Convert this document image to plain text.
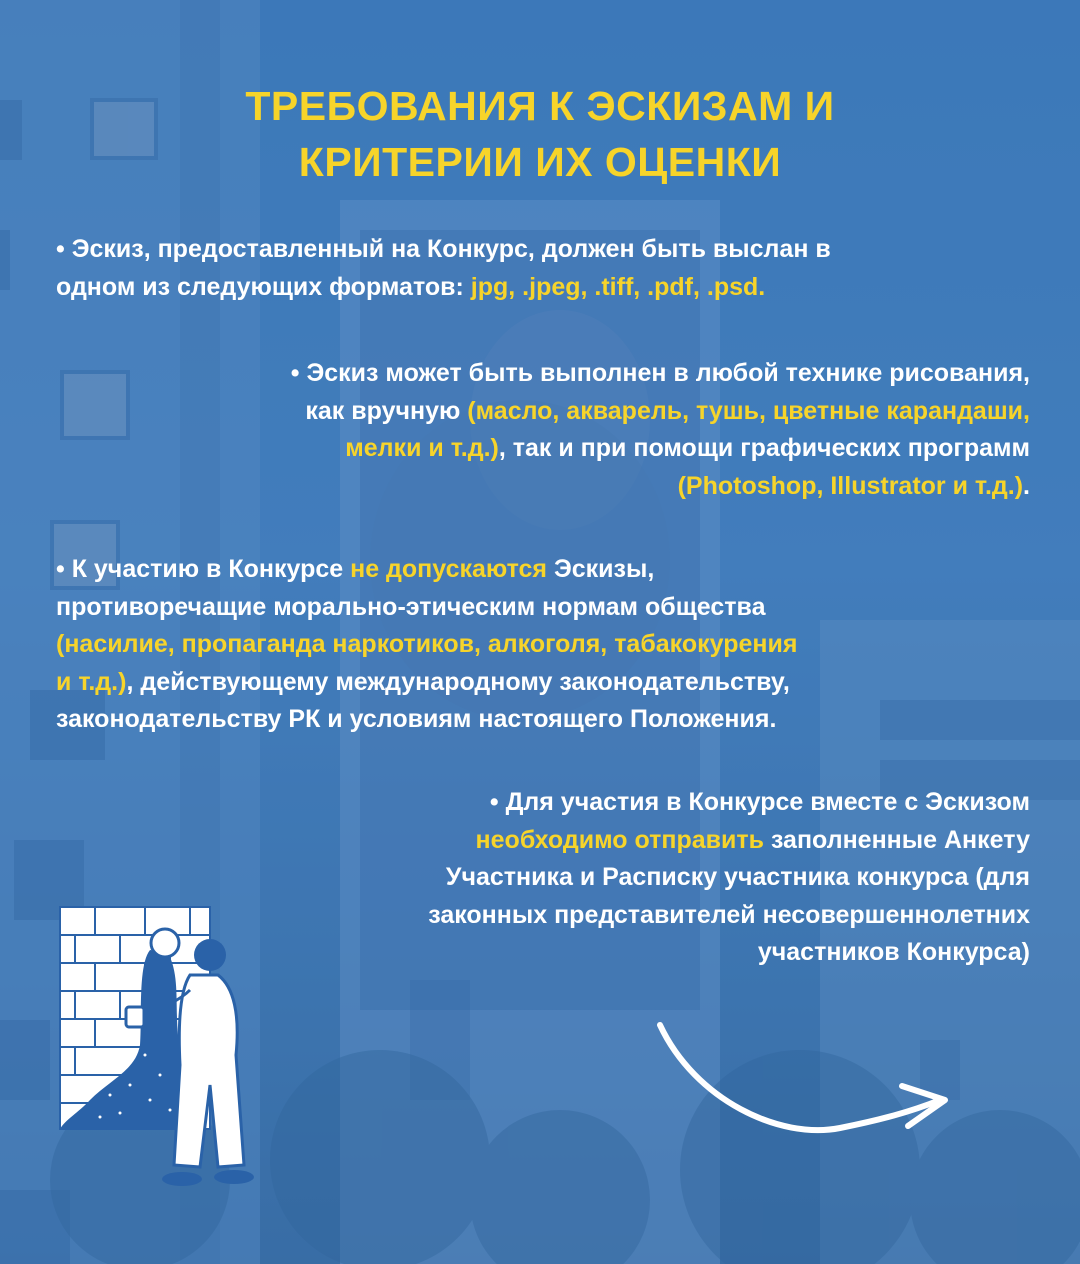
ТРЕБОВАНИЯ К ЭСКИЗАМ И
КРИТЕРИИ ИХ ОЦЕНКИ

• Эскиз, предоставленный на Конкурс, должен быть выслан в
одном из следующих форматов: jpg, .jpeg, .tiff, .pdf, .psd.

• Эскиз может быть выполнен в любой технике рисования,
как вручную (масло, акварель, тушь, цветные карандаши,
мелки и т.д.), так и при помощи графических программ
(Photoshop, Illustrator и т.д.).

• К участию в Конкурсе не допускаются Эскизы,
противоречащие морально-этическим нормам общества
(насилие, пропаганда наркотиков, алкоголя, табакокурения
и т.д.), действующему международному законодательству,
законодательству РК и условиям настоящего Положения.

• Для участия в Конкурсе вместе с Эскизом
необходимо отправить заполненные Анкету
Участника и Расписку участника конкурса (для
законных представителей несовершеннолетних
участников Конкурса)
